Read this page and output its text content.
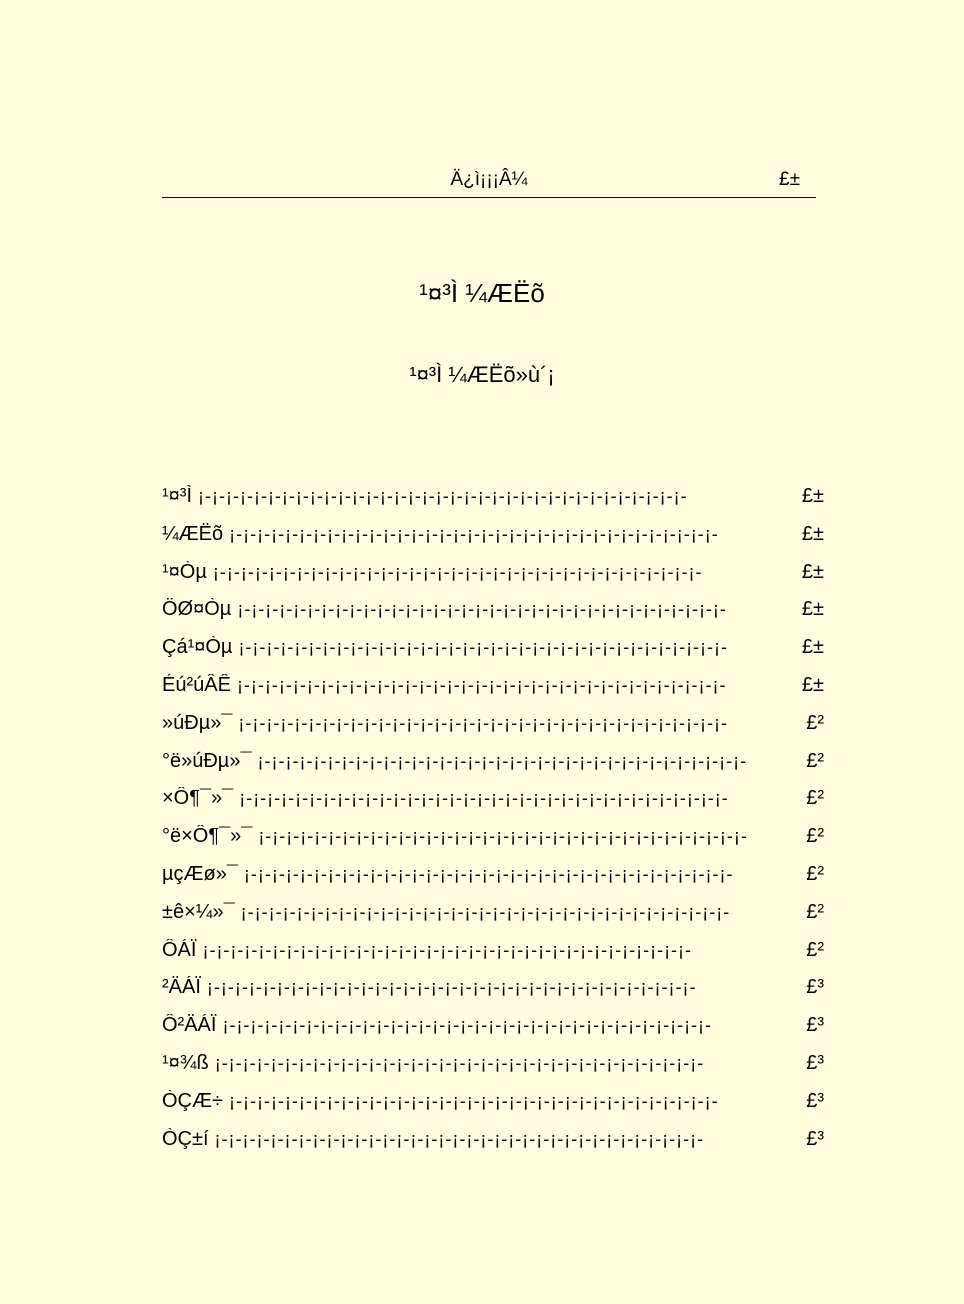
Ä¿ì¡¡¡Â¼	£±
¹¤³Ì ¼ÆËõ
¹¤³Ì ¼ÆËõ»ù´¡
¹¤³Ì ¡-¡-¡-¡-¡-¡-¡-¡-¡-¡-¡-¡-¡-¡-¡-¡-¡-¡-¡-¡-¡-¡-¡-¡-¡-¡-¡-¡-¡-¡-¡-¡-¡-¡-¡-	£±
¼ÆËõ ¡-¡-¡-¡-¡-¡-¡-¡-¡-¡-¡-¡-¡-¡-¡-¡-¡-¡-¡-¡-¡-¡-¡-¡-¡-¡-¡-¡-¡-¡-¡-¡-¡-¡-¡-	£±
¹¤Òµ ¡-¡-¡-¡-¡-¡-¡-¡-¡-¡-¡-¡-¡-¡-¡-¡-¡-¡-¡-¡-¡-¡-¡-¡-¡-¡-¡-¡-¡-¡-¡-¡-¡-¡-¡-	£±
ÖØ¤Òµ ¡-¡-¡-¡-¡-¡-¡-¡-¡-¡-¡-¡-¡-¡-¡-¡-¡-¡-¡-¡-¡-¡-¡-¡-¡-¡-¡-¡-¡-¡-¡-¡-¡-¡-¡-	£±
Çá¹¤Òµ ¡-¡-¡-¡-¡-¡-¡-¡-¡-¡-¡-¡-¡-¡-¡-¡-¡-¡-¡-¡-¡-¡-¡-¡-¡-¡-¡-¡-¡-¡-¡-¡-¡-¡-¡-	£±
Éú²úÂÊ ¡-¡-¡-¡-¡-¡-¡-¡-¡-¡-¡-¡-¡-¡-¡-¡-¡-¡-¡-¡-¡-¡-¡-¡-¡-¡-¡-¡-¡-¡-¡-¡-¡-¡-¡-	£±
»úÐµ»¯ ¡-¡-¡-¡-¡-¡-¡-¡-¡-¡-¡-¡-¡-¡-¡-¡-¡-¡-¡-¡-¡-¡-¡-¡-¡-¡-¡-¡-¡-¡-¡-¡-¡-¡-¡-	£²
°ë»úÐµ»¯ ¡-¡-¡-¡-¡-¡-¡-¡-¡-¡-¡-¡-¡-¡-¡-¡-¡-¡-¡-¡-¡-¡-¡-¡-¡-¡-¡-¡-¡-¡-¡-¡-¡-¡-¡-	£²
×Ô¶¯»¯ ¡-¡-¡-¡-¡-¡-¡-¡-¡-¡-¡-¡-¡-¡-¡-¡-¡-¡-¡-¡-¡-¡-¡-¡-¡-¡-¡-¡-¡-¡-¡-¡-¡-¡-¡-	£²
°ë×Ô¶¯»¯ ¡-¡-¡-¡-¡-¡-¡-¡-¡-¡-¡-¡-¡-¡-¡-¡-¡-¡-¡-¡-¡-¡-¡-¡-¡-¡-¡-¡-¡-¡-¡-¡-¡-¡-¡-	£²
µçÆø»¯ ¡-¡-¡-¡-¡-¡-¡-¡-¡-¡-¡-¡-¡-¡-¡-¡-¡-¡-¡-¡-¡-¡-¡-¡-¡-¡-¡-¡-¡-¡-¡-¡-¡-¡-¡-	£²
±ê×¼»¯ ¡-¡-¡-¡-¡-¡-¡-¡-¡-¡-¡-¡-¡-¡-¡-¡-¡-¡-¡-¡-¡-¡-¡-¡-¡-¡-¡-¡-¡-¡-¡-¡-¡-¡-¡-	£²
ÔÁÏ ¡-¡-¡-¡-¡-¡-¡-¡-¡-¡-¡-¡-¡-¡-¡-¡-¡-¡-¡-¡-¡-¡-¡-¡-¡-¡-¡-¡-¡-¡-¡-¡-¡-¡-¡-	£²
²ÄÁÏ ¡-¡-¡-¡-¡-¡-¡-¡-¡-¡-¡-¡-¡-¡-¡-¡-¡-¡-¡-¡-¡-¡-¡-¡-¡-¡-¡-¡-¡-¡-¡-¡-¡-¡-¡-	£³
Ô²ÄÁÏ ¡-¡-¡-¡-¡-¡-¡-¡-¡-¡-¡-¡-¡-¡-¡-¡-¡-¡-¡-¡-¡-¡-¡-¡-¡-¡-¡-¡-¡-¡-¡-¡-¡-¡-¡-	£³
¹¤¾ß ¡-¡-¡-¡-¡-¡-¡-¡-¡-¡-¡-¡-¡-¡-¡-¡-¡-¡-¡-¡-¡-¡-¡-¡-¡-¡-¡-¡-¡-¡-¡-¡-¡-¡-¡-	£³
ÒÇÆ÷ ¡-¡-¡-¡-¡-¡-¡-¡-¡-¡-¡-¡-¡-¡-¡-¡-¡-¡-¡-¡-¡-¡-¡-¡-¡-¡-¡-¡-¡-¡-¡-¡-¡-¡-¡-	£³
ÒÇ±í ¡-¡-¡-¡-¡-¡-¡-¡-¡-¡-¡-¡-¡-¡-¡-¡-¡-¡-¡-¡-¡-¡-¡-¡-¡-¡-¡-¡-¡-¡-¡-¡-¡-¡-¡-	£³
